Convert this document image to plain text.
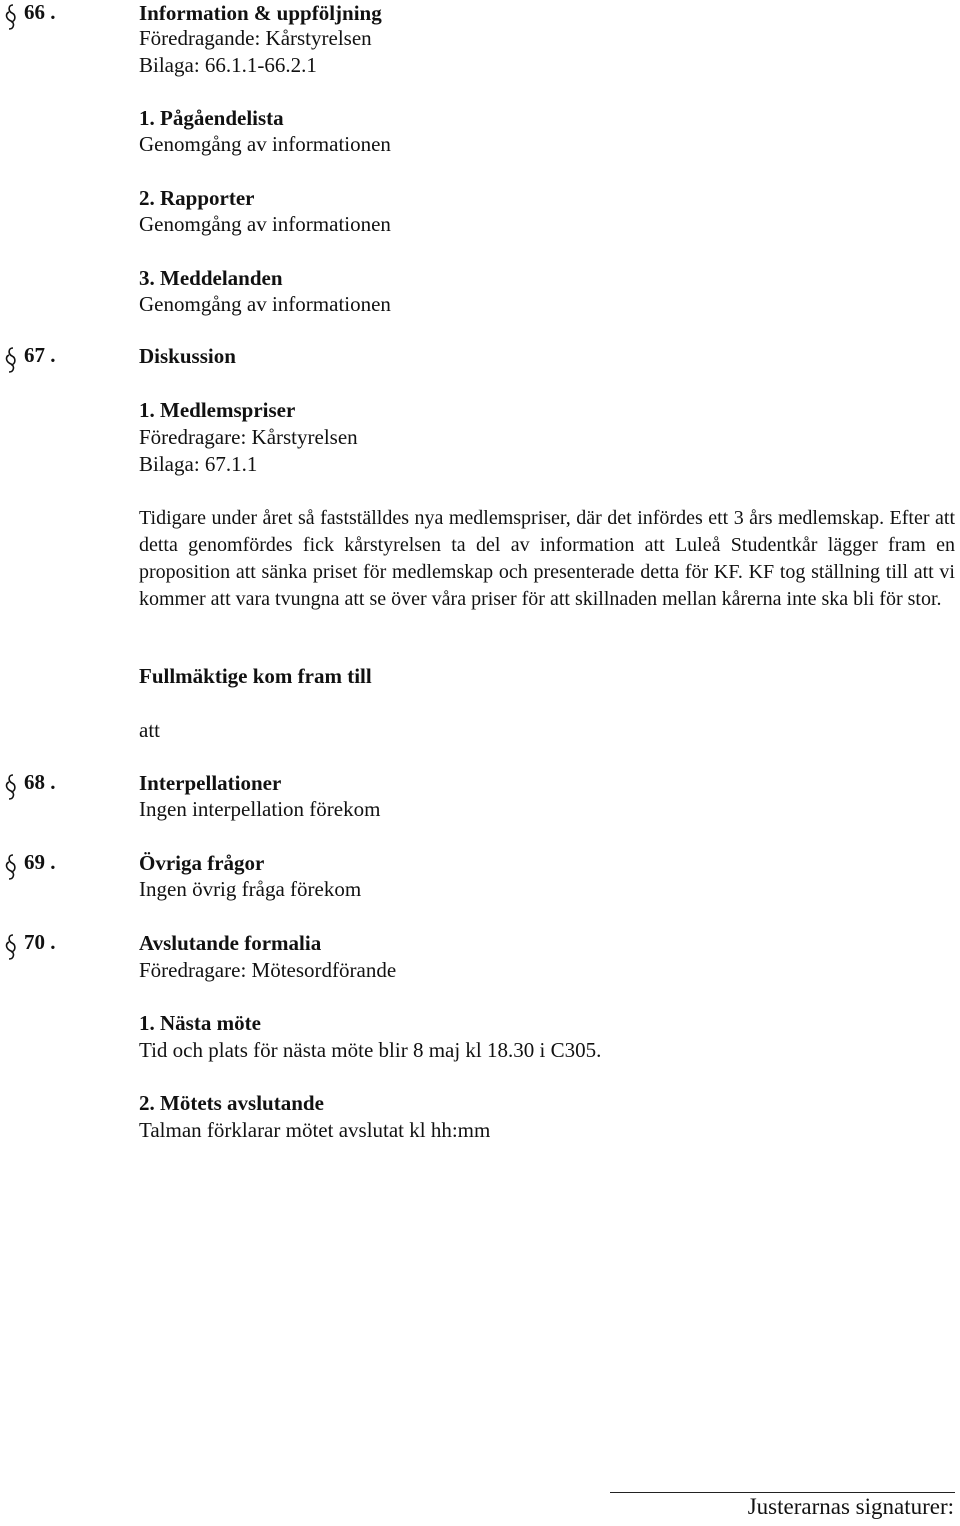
66 .	Information & uppföljning
Föredragande: Kårstyrelsen
Bilaga: 66.1.1-66.2.1
1. Pågåendelista
Genomgång av informationen
2. Rapporter
Genomgång av informationen
3. Meddelanden
Genomgång av informationen
67 .	Diskussion
1. Medlemspriser
Föredragare: Kårstyrelsen
Bilaga: 67.1.1
Tidigare under året så fastställdes nya medlemspriser, där det infördes ett 3 års medlemskap. Efter att detta genomfördes fick kårstyrelsen ta del av information att Luleå Studentkår lägger fram en proposition att sänka priset för medlemskap och presenterade detta för KF. KF tog ställning till att vi kommer att vara tvungna att se över våra priser för att skillnaden mellan kårerna inte ska bli för stor.
Fullmäktige kom fram till
att
68 .	Interpellationer
Ingen interpellation förekom
69 .	Övriga frågor
Ingen övrig fråga förekom
70 .	Avslutande formalia
Föredragare: Mötesordförande
1. Nästa möte
Tid och plats för nästa möte blir 8 maj kl 18.30 i C305.
2. Mötets avslutande
Talman förklarar mötet avslutat kl hh:mm
Justerarnas signaturer:
